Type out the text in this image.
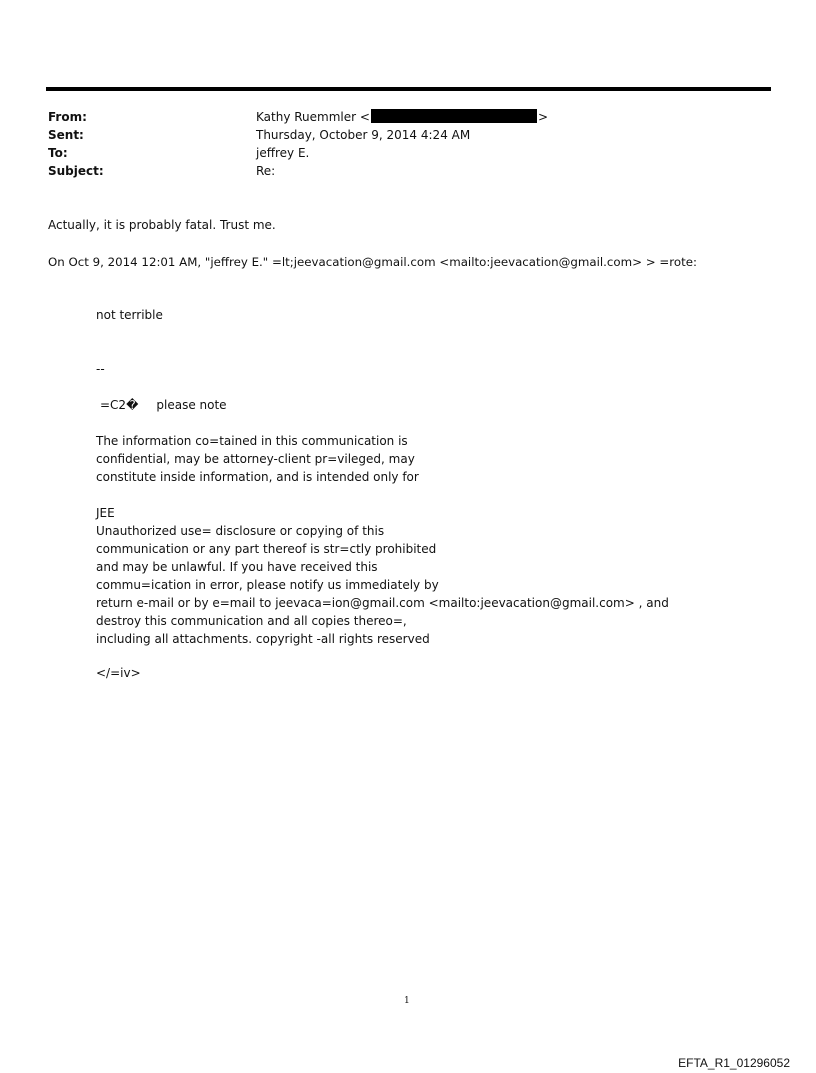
From:	Kathy Ruemmler <	>
Sent:	Thursday, October 9, 2014 4:24 AM
To:	jeffrey E.
Subject:	Re:
Actually, it is probably fatal. Trust me.
On Oct 9, 2014 12:01 AM, "jeffrey E." =lt;jeevacation@gmail.com <mailto:jeevacation@gmail.com> > =rote:
not terrible
--
=C2� please note
The information co=tained in this communication is
confidential, may be attorney-client pr=vileged, may
constitute inside information, and is intended only for
JEE
Unauthorized use= disclosure or copying of this
communication or any part thereof is str=ctly prohibited
and may be unlawful. If you have received this
commu=ication in error, please notify us immediately by
return e-mail or by e=mail to jeevaca=ion@gmail.com <mailto:jeevacation@gmail.com> , and
destroy this communication and all copies thereo=,
including all attachments. copyright -all rights reserved
</=iv>
1
EFTA_R1_01296052
